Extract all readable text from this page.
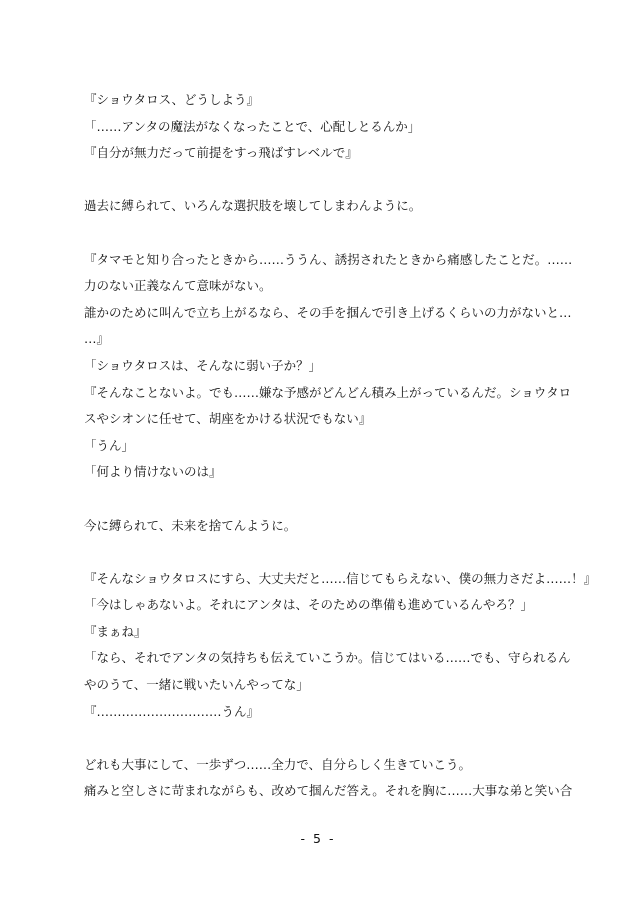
『ショウタロス、どうしよう』
「……アンタの魔法がなくなったことで、心配しとるんか」
『自分が無力だって前提をすっ飛ばすレベルで』
過去に縛られて、いろんな選択肢を壊してしまわんように。
『タマモと知り合ったときから……ううん、誘拐されたときから痛感したことだ。……
力のない正義なんて意味がない。
誰かのために叫んで立ち上がるなら、その手を掴んで引き上げるくらいの力がないと…
…』
「ショウタロスは、そんなに弱い子か？」
『そんなことないよ。でも……嫌な予感がどんどん積み上がっているんだ。ショウタロ
スやシオンに任せて、胡座をかける状況でもない』
「うん」
「何より情けないのは』
今に縛られて、未来を捨てんように。
『そんなショウタロスにすら、大丈夫だと……信じてもらえない、僕の無力さだよ……！』
「今はしゃあないよ。それにアンタは、そのための準備も進めているんやろ？」
『まぁね』
「なら、それでアンタの気持ちも伝えていこうか。信じてはいる……でも、守られるん
やのうて、一緒に戦いたいんやってな」
『…………………………うん』
どれも大事にして、一歩ずつ……全力で、自分らしく生きていこう。
痛みと空しさに苛まれながらも、改めて掴んだ答え。それを胸に……大事な弟と笑い合
- 5 -
